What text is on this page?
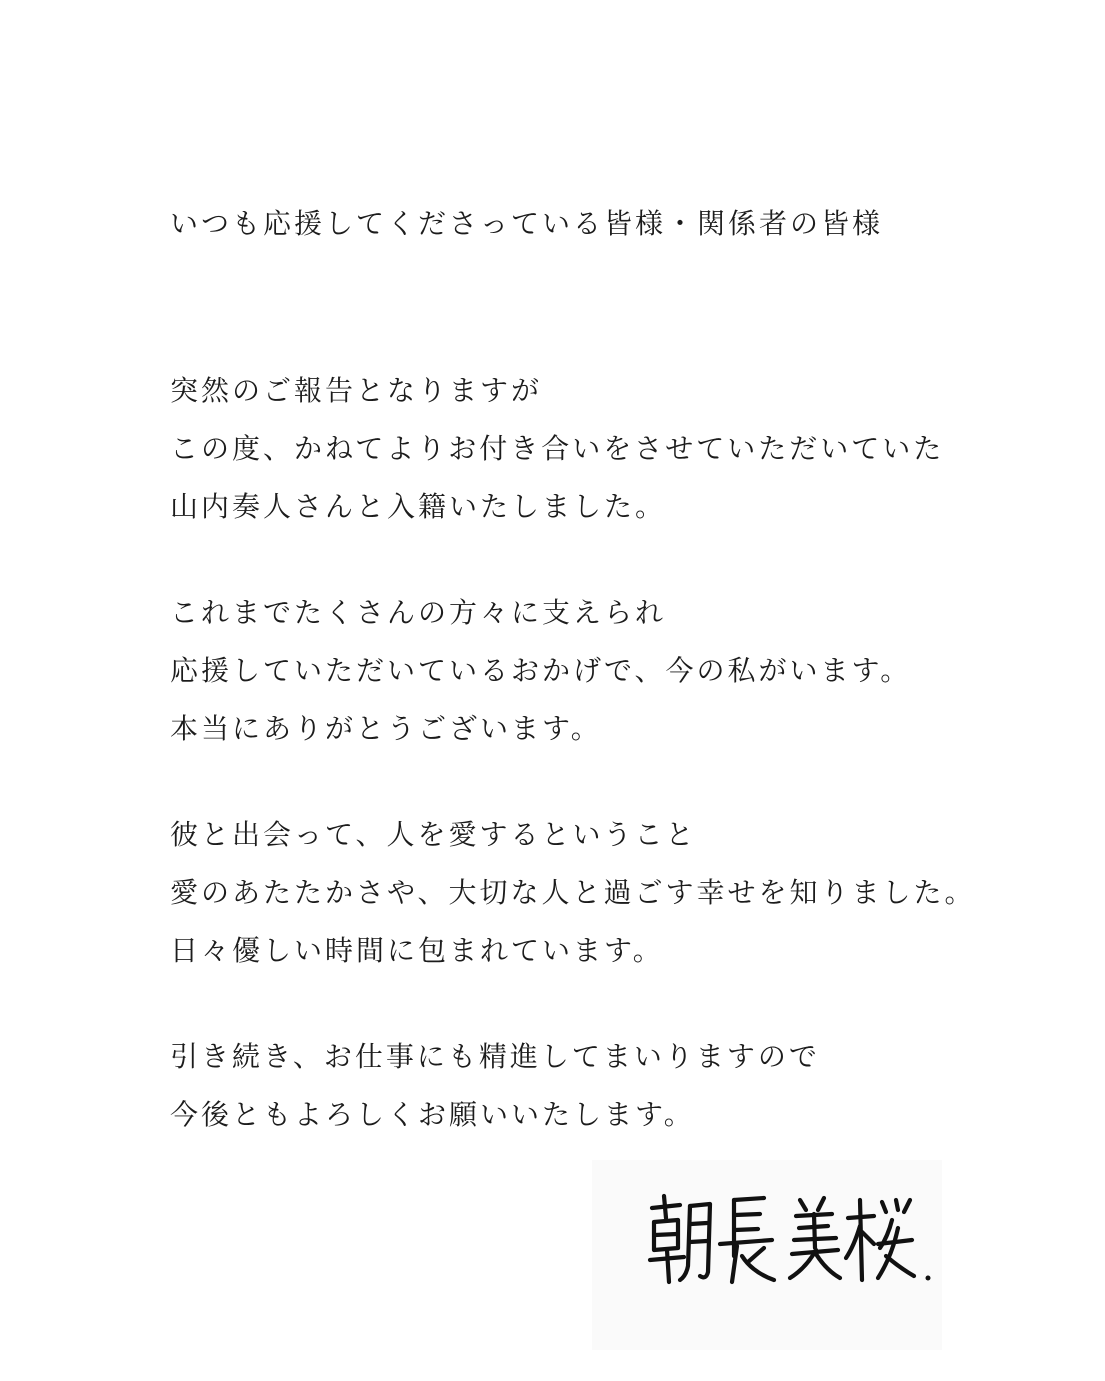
いつも応援してくださっている皆様・関係者の皆様
突然のご報告となりますが
この度、かねてよりお付き合いをさせていただいていた
山内奏人さんと入籍いたしました。
これまでたくさんの方々に支えられ
応援していただいているおかげで、今の私がいます。
本当にありがとうございます。
彼と出会って、人を愛するということ
愛のあたたかさや、大切な人と過ごす幸せを知りました。
日々優しい時間に包まれています。
引き続き、お仕事にも精進してまいりますので
今後ともよろしくお願いいたします。
